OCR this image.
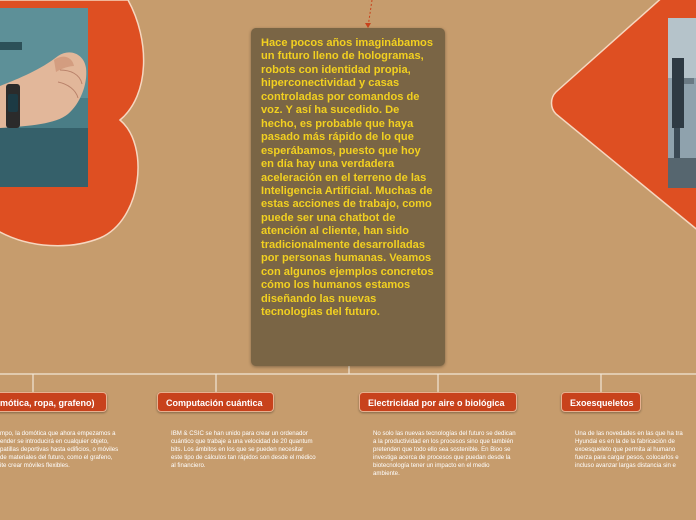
Hace pocos años imaginábamos un futuro lleno de hologramas, robots con identidad propia, hiperconectividad y casas controladas por comandos de voz. Y así ha sucedido. De hecho, es probable que haya pasado más rápido de lo que esperábamos, puesto que hoy en día hay una verdadera aceleración en el terreno de las Inteligencia Artificial. Muchas de estas acciones de trabajo, como puede ser una chatbot de atención al cliente, han sido tradicionalmente desarrolladas por personas humanas. Veamos con algunos ejemplos concretos cómo los humanos estamos diseñando las nuevas tecnologías del futuro.
mótica, ropa, grafeno)	Computación cuántica	Electricidad por aire o biológica	Exoesqueletos
mpo, la domótica que ahora empezamos a
ender se introducirá en cualquier objeto,
patillas deportivas hasta edificios, o móviles
de materiales del futuro, como el grafeno,
ite crear móviles flexibles.
IBM & CSIC se han unido para crear un ordenador
cuántico que trabaje a una velocidad de 20 quantum
bits. Los ámbitos en los que se pueden necesitar
este tipo de cálculos tan rápidos son desde el médico
al financiero.
No solo las nuevas tecnologías del futuro se dedican
a la productividad en los procesos sino que también
pretenden que todo ello sea sostenible. En Bioo se
investiga acerca de procesos que puedan desde la
biotecnología tener un impacto en el medio
ambiente.
Una de las novedades en las que ha tra
Hyundai es en la de la fabricación de
exoesqueleto que permita al humano
fuerza para cargar pesos, colocarlos e
incluso avanzar largas distancia sin e
